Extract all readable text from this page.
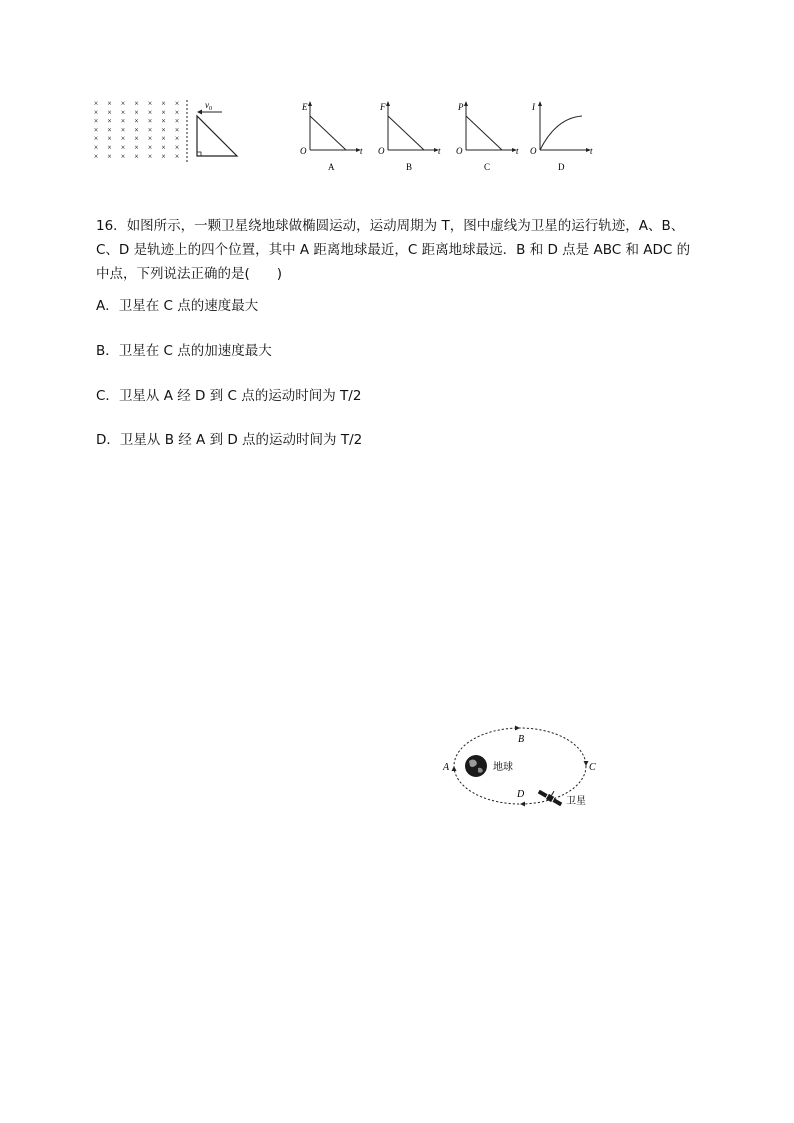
× × × × × × ×
× × × × × × ×
× × × × × × ×
× × × × × × ×
× × × × × × ×
× × × × × × ×
× × × × × × ×
$v_0$	E
t
O
A
F
t
O
B
P
t
O
C
I
t
O
D
16．如图所示，一颗卫星绕地球做椭圆运动，运动周期为 T，图中虚线为卫星的运行轨迹，A、B、
C、D 是轨迹上的四个位置，其中 A 距离地球最近，C 距离地球最远．B 和 D 点是 ABC 和 ADC 的
中点，下列说法正确的是(　　)
A．卫星在 C 点的速度最大
B．卫星在 C 点的加速度最大
C．卫星从 A 经 D 到 C 点的运动时间为 T/2
D．卫星从 B 经 A 到 D 点的运动时间为 T/2
地球
A
B
C
D
卫星
